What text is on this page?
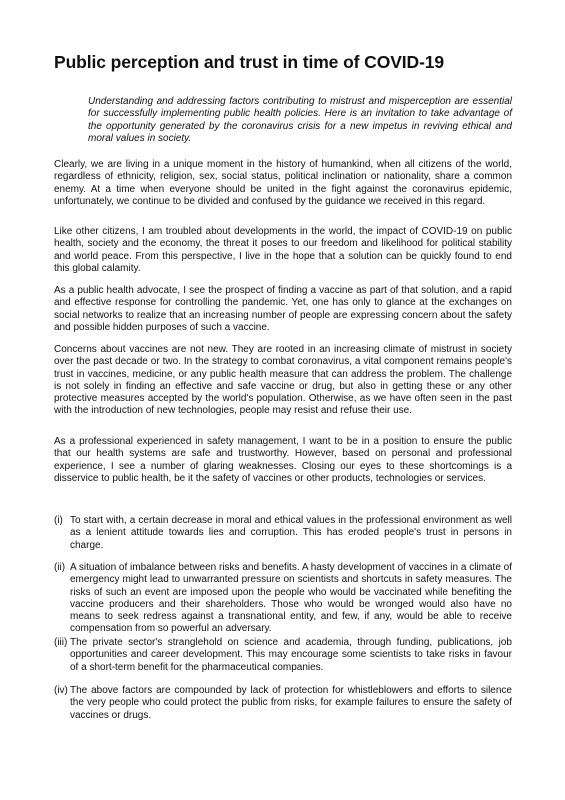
Public perception and trust in time of COVID-19

Understanding and addressing factors contributing to mistrust and misperception are essential for successfully implementing public health policies. Here is an invitation to take advantage of the opportunity generated by the coronavirus crisis for a new impetus in reviving ethical and moral values in society.

Clearly, we are living in a unique moment in the history of humankind, when all citizens of the world, regardless of ethnicity, religion, sex, social status, political inclination or nationality, share a common enemy. At a time when everyone should be united in the fight against the coronavirus epidemic, unfortunately, we continue to be divided and confused by the guidance we received in this regard.

Like other citizens, I am troubled about developments in the world, the impact of COVID-19 on public health, society and the economy, the threat it poses to our freedom and likelihood for political stability and world peace. From this perspective, I live in the hope that a solution can be quickly found to end this global calamity.

As a public health advocate, I see the prospect of finding a vaccine as part of that solution, and a rapid and effective response for controlling the pandemic. Yet, one has only to glance at the exchanges on social networks to realize that an increasing number of people are expressing concern about the safety and possible hidden purposes of such a vaccine.

Concerns about vaccines are not new. They are rooted in an increasing climate of mistrust in society over the past decade or two. In the strategy to combat coronavirus, a vital component remains people's trust in vaccines, medicine, or any public health measure that can address the problem. The challenge is not solely in finding an effective and safe vaccine or drug, but also in getting these or any other protective measures accepted by the world's population. Otherwise, as we have often seen in the past with the introduction of new technologies, people may resist and refuse their use.

As a professional experienced in safety management, I want to be in a position to ensure the public that our health systems are safe and trustworthy. However, based on personal and professional experience, I see a number of glaring weaknesses. Closing our eyes to these shortcomings is a disservice to public health, be it the safety of vaccines or other products, technologies or services.

(i) To start with, a certain decrease in moral and ethical values in the professional environment as well as a lenient attitude towards lies and corruption. This has eroded people's trust in persons in charge.
(ii) A situation of imbalance between risks and benefits. A hasty development of vaccines in a climate of emergency might lead to unwarranted pressure on scientists and shortcuts in safety measures. The risks of such an event are imposed upon the people who would be vaccinated while benefiting the vaccine producers and their shareholders. Those who would be wronged would also have no means to seek redress against a transnational entity, and few, if any, would be able to receive compensation from so powerful an adversary.
(iii) The private sector's stranglehold on science and academia, through funding, publications, job opportunities and career development. This may encourage some scientists to take risks in favour of a short-term benefit for the pharmaceutical companies.
(iv) The above factors are compounded by lack of protection for whistleblowers and efforts to silence the very people who could protect the public from risks, for example failures to ensure the safety of vaccines or drugs.
